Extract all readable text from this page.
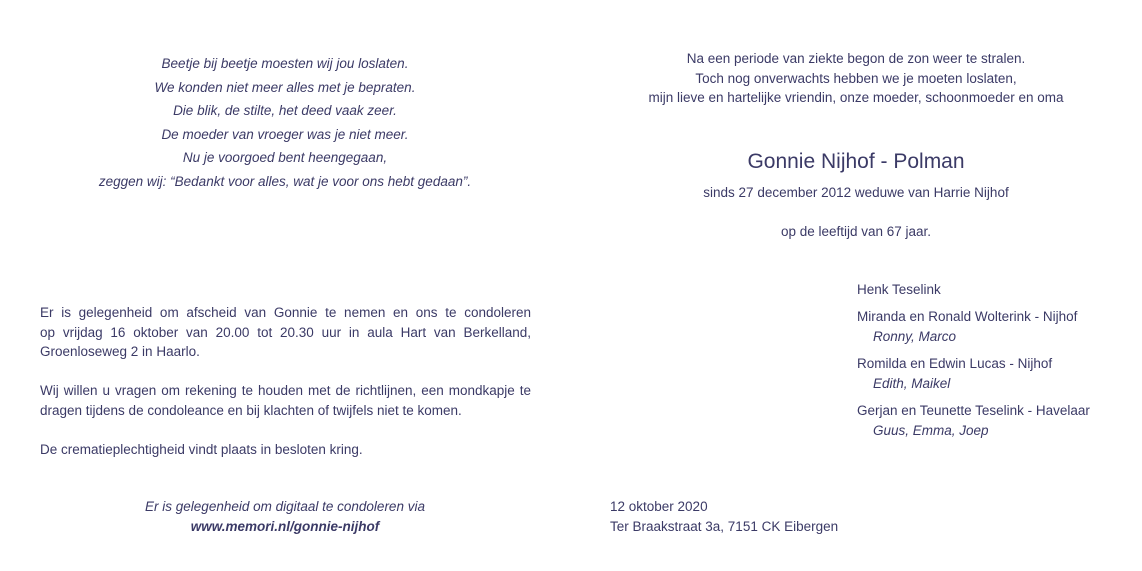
Beetje bij beetje moesten wij jou loslaten.
We konden niet meer alles met je bepraten.
Die blik, de stilte, het deed vaak zeer.
De moeder van vroeger was je niet meer.
Nu je voorgoed bent heengegaan,
zeggen wij: “Bedankt voor alles, wat je voor ons hebt gedaan”.
Na een periode van ziekte begon de zon weer te stralen.
Toch nog onverwachts hebben we je moeten loslaten,
mijn lieve en hartelijke vriendin, onze moeder, schoonmoeder en oma
Gonnie Nijhof - Polman
sinds 27 december 2012 weduwe van Harrie Nijhof
op de leeftijd van 67 jaar.
Henk Teselink
Miranda en Ronald Wolterink - Nijhof
Ronny, Marco
Romilda en Edwin Lucas - Nijhof
Edith, Maikel
Gerjan en Teunette Teselink - Havelaar
Guus, Emma, Joep

Er is gelegenheid om afscheid van Gonnie te nemen en ons te condoleren

op vrijdag 16 oktober van 20.00 tot 20.30 uur in aula Hart van Berkelland,

Groenloseweg 2 in Haarlo.

Wij willen u vragen om rekening te houden met de richtlijnen, een mondkapje te

dragen tijdens de condoleance en bij klachten of twijfels niet te komen.

De crematieplechtigheid vindt plaats in besloten kring.

Er is gelegenheid om digitaal te condoleren via
www.memori.nl/gonnie-nijhof
12 oktober 2020
Ter Braakstraat 3a, 7151 CK Eibergen
